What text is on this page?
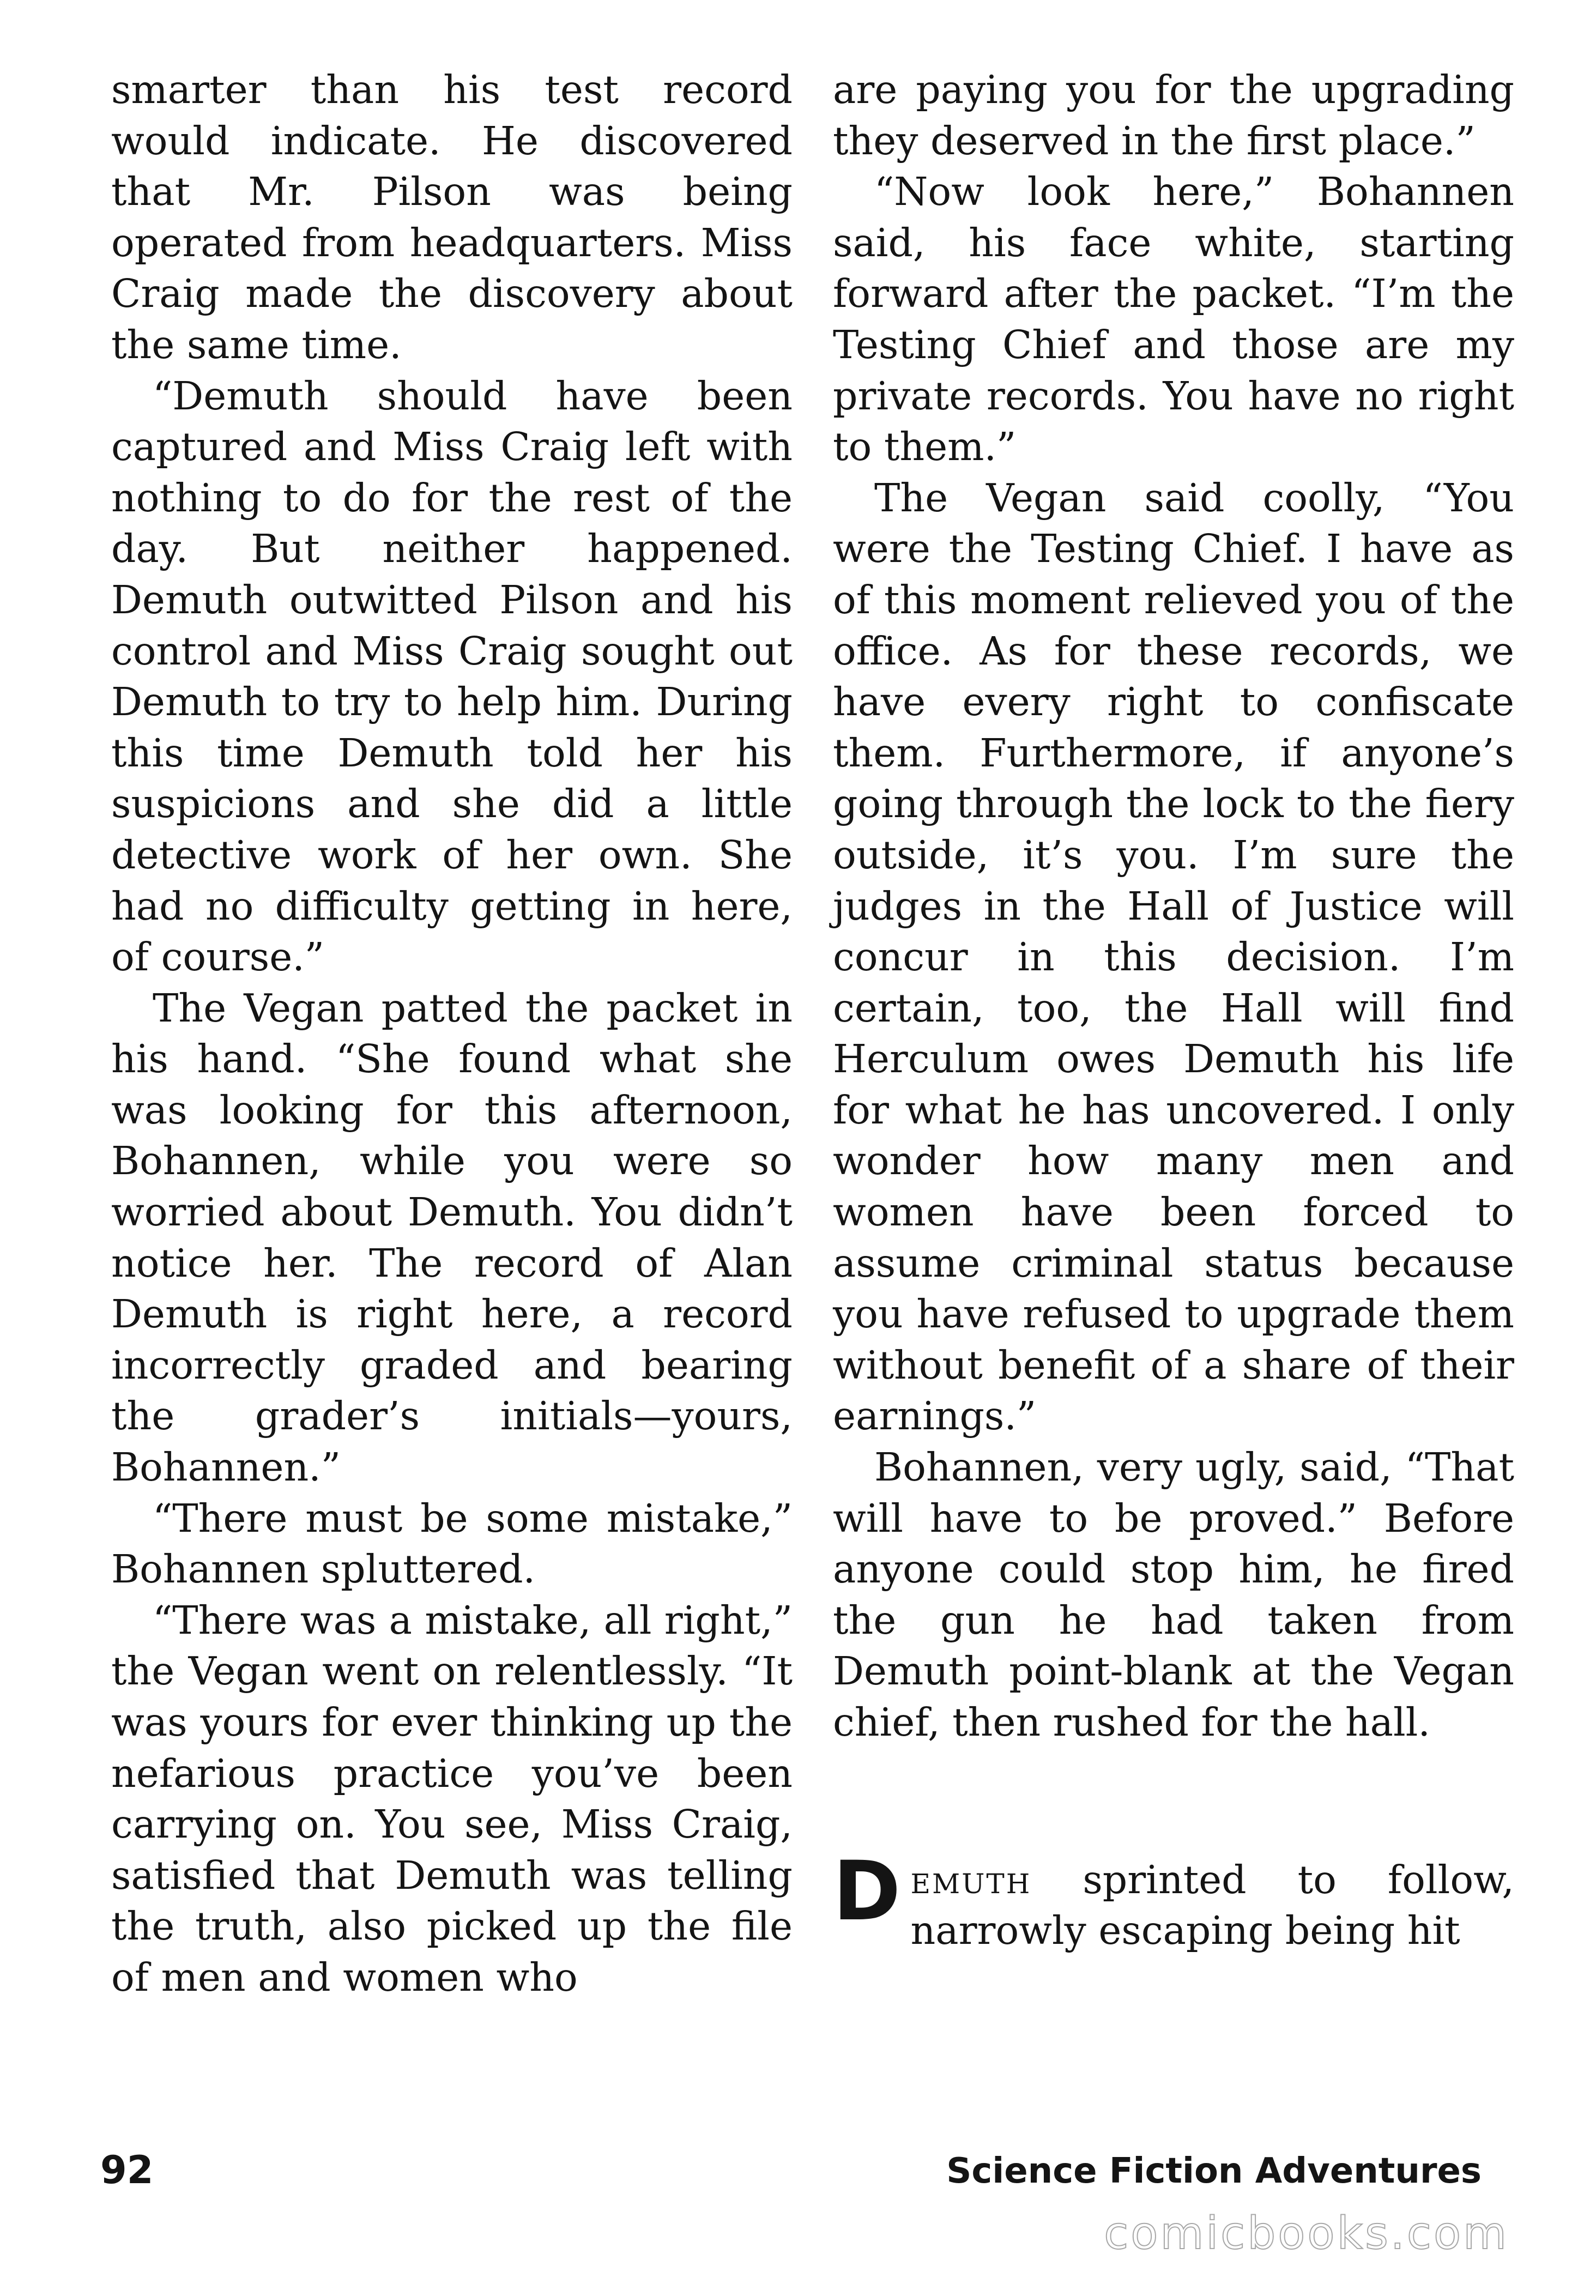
smarter than his test record would indicate. He discovered that Mr. Pilson was being operated from headquarters. Miss Craig made the discovery about the same time.

“Demuth should have been captured and Miss Craig left with nothing to do for the rest of the day. But neither happened. Demuth outwitted Pilson and his control and Miss Craig sought out Demuth to try to help him. During this time Demuth told her his suspicions and she did a little detective work of her own. She had no difficulty getting in here, of course.”

The Vegan patted the packet in his hand. “She found what she was looking for this afternoon, Bohannen, while you were so worried about Demuth. You didn’t notice her. The record of Alan Demuth is right here, a record incorrectly graded and bearing the grader’s initials—yours, Bohannen.”

“There must be some mistake,” Bohannen spluttered.

“There was a mistake, all right,” the Vegan went on relentlessly. “It was yours for ever thinking up the nefarious practice you’ve been carrying on. You see, Miss Craig, satisfied that Demuth was telling the truth, also picked up the file of men and women who

are paying you for the upgrading they deserved in the first place.”

“Now look here,” Bohannen said, his face white, starting forward after the packet. “I’m the Testing Chief and those are my private records. You have no right to them.”

The Vegan said coolly, “You were the Testing Chief. I have as of this moment relieved you of the office. As for these records, we have every right to confiscate them. Furthermore, if anyone’s going through the lock to the fiery outside, it’s you. I’m sure the judges in the Hall of Justice will concur in this decision. I’m certain, too, the Hall will find Herculum owes Demuth his life for what he has uncovered. I only wonder how many men and women have been forced to assume criminal status because you have refused to upgrade them without benefit of a share of their earnings.”

Bohannen, very ugly, said, “That will have to be proved.” Before anyone could stop him, he fired the gun he had taken from Demuth point-blank at the Vegan chief, then rushed for the hall.

Demuth sprinted to follow, narrowly escaping being hit

92	Science Fiction Adventures
comicbooks.com
